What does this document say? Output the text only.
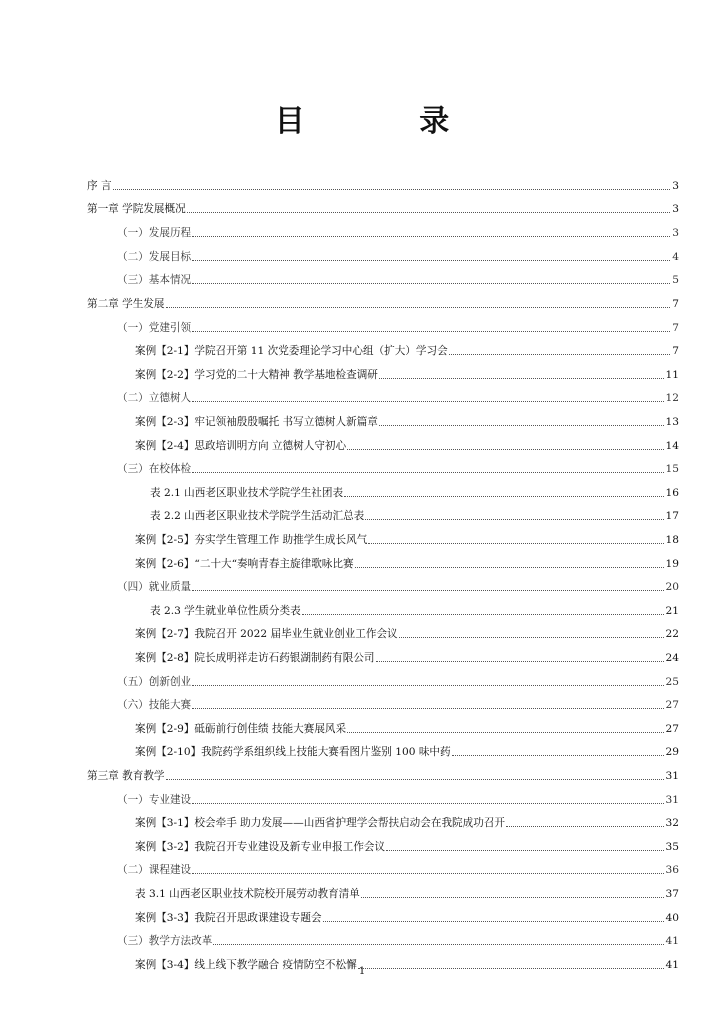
目 录
序 言	3
第一章 学院发展概况	3
（一）发展历程	3
（二）发展目标	4
（三）基本情况	5
第二章 学生发展	7
（一）党建引领	7
案例【2-1】学院召开第 11 次党委理论学习中心组（扩大）学习会	7
案例【2-2】学习党的二十大精神 教学基地检查调研	11
（二）立德树人	12
案例【2-3】牢记领袖殷殷嘱托 书写立德树人新篇章	13
案例【2-4】思政培训明方向 立德树人守初心	14
（三）在校体检	15
表 2.1 山西老区职业技术学院学生社团表	16
表 2.2 山西老区职业技术学院学生活动汇总表	17
案例【2-5】夯实学生管理工作 助推学生成长风气	18
案例【2-6】“二十大“奏响青春主旋律歌咏比赛	19
（四）就业质量	20
表 2.3 学生就业单位性质分类表	21
案例【2-7】我院召开 2022 届毕业生就业创业工作会议	22
案例【2-8】院长成明祥走访石药银湖制药有限公司	24
（五）创新创业	25
（六）技能大赛	27
案例【2-9】砥砺前行创佳绩 技能大赛展风采	27
案例【2-10】我院药学系组织线上技能大赛看图片鉴别 100 味中药	29
第三章 教育教学	31
（一）专业建设	31
案例【3-1】校会牵手 助力发展——山西省护理学会帮扶启动会在我院成功召开	32
案例【3-2】我院召开专业建设及新专业申报工作会议	35
（二）课程建设	36
表 3.1 山西老区职业技术院校开展劳动教育清单	37
案例【3-3】我院召开思政课建设专题会	40
（三）教学方法改革	41
案例【3-4】线上线下教学融合 疫情防空不松懈	41
1
